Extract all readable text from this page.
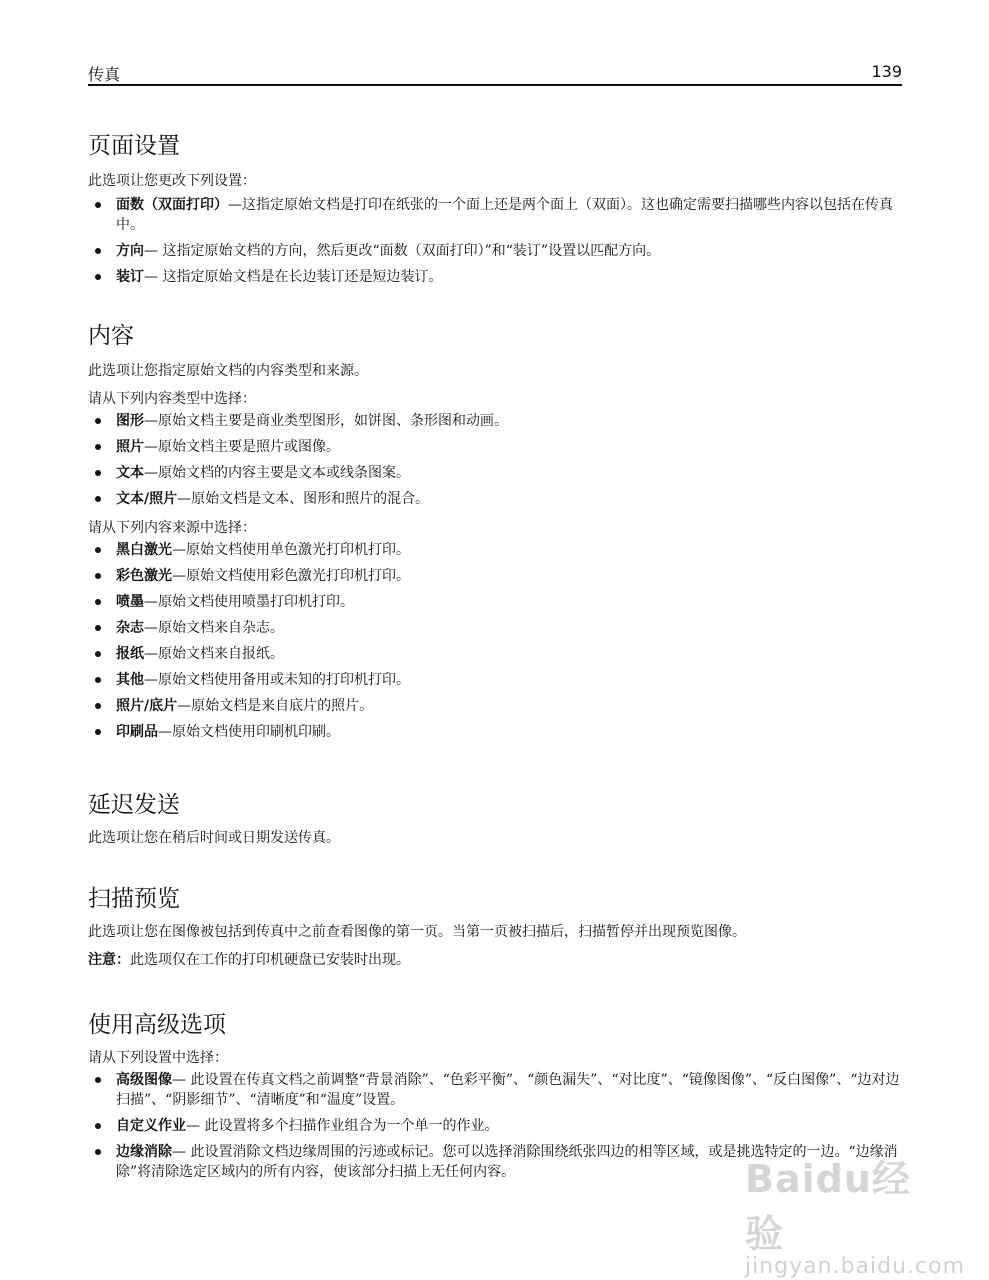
传真	139
页面设置

此选项让您更改下列设置：

面数（双面打印）—这指定原始文档是打印在纸张的一个面上还是两个面上（双面）。这也确定需要扫描哪些内容以包括在传真中。
方向— 这指定原始文档的方向，然后更改“面数（双面打印）”和“装订”设置以匹配方向。
装订— 这指定原始文档是在长边装订还是短边装订。
内容

此选项让您指定原始文档的内容类型和来源。

请从下列内容类型中选择：

图形—原始文档主要是商业类型图形，如饼图、条形图和动画。
照片—原始文档主要是照片或图像。
文本—原始文档的内容主要是文本或线条图案。
文本/照片—原始文档是文本、图形和照片的混合。

请从下列内容来源中选择：

黑白激光—原始文档使用单色激光打印机打印。
彩色激光—原始文档使用彩色激光打印机打印。
喷墨—原始文档使用喷墨打印机打印。
杂志—原始文档来自杂志。
报纸—原始文档来自报纸。
其他—原始文档使用备用或未知的打印机打印。
照片/底片—原始文档是来自底片的照片。
印刷品—原始文档使用印刷机印刷。
延迟发送

此选项让您在稍后时间或日期发送传真。

扫描预览

此选项让您在图像被包括到传真中之前查看图像的第一页。当第一页被扫描后，扫描暂停并出现预览图像。

注意：此选项仅在工作的打印机硬盘已安装时出现。

使用高级选项

请从下列设置中选择：

高级图像— 此设置在传真文档之前调整“背景消除”、“色彩平衡”、“颜色漏失”、“对比度”、“镜像图像”、“反白图像”、“边对边扫描”、“阴影细节”、“清晰度”和“温度”设置。
自定义作业— 此设置将多个扫描作业组合为一个单一的作业。
边缘消除— 此设置消除文档边缘周围的污迹或标记。您可以选择消除围绕纸张四边的相等区域，或是挑选特定的一边。“边缘消除”将清除选定区域内的所有内容，使该部分扫描上无任何内容。	Baidu经验
jingyan.baidu.com
